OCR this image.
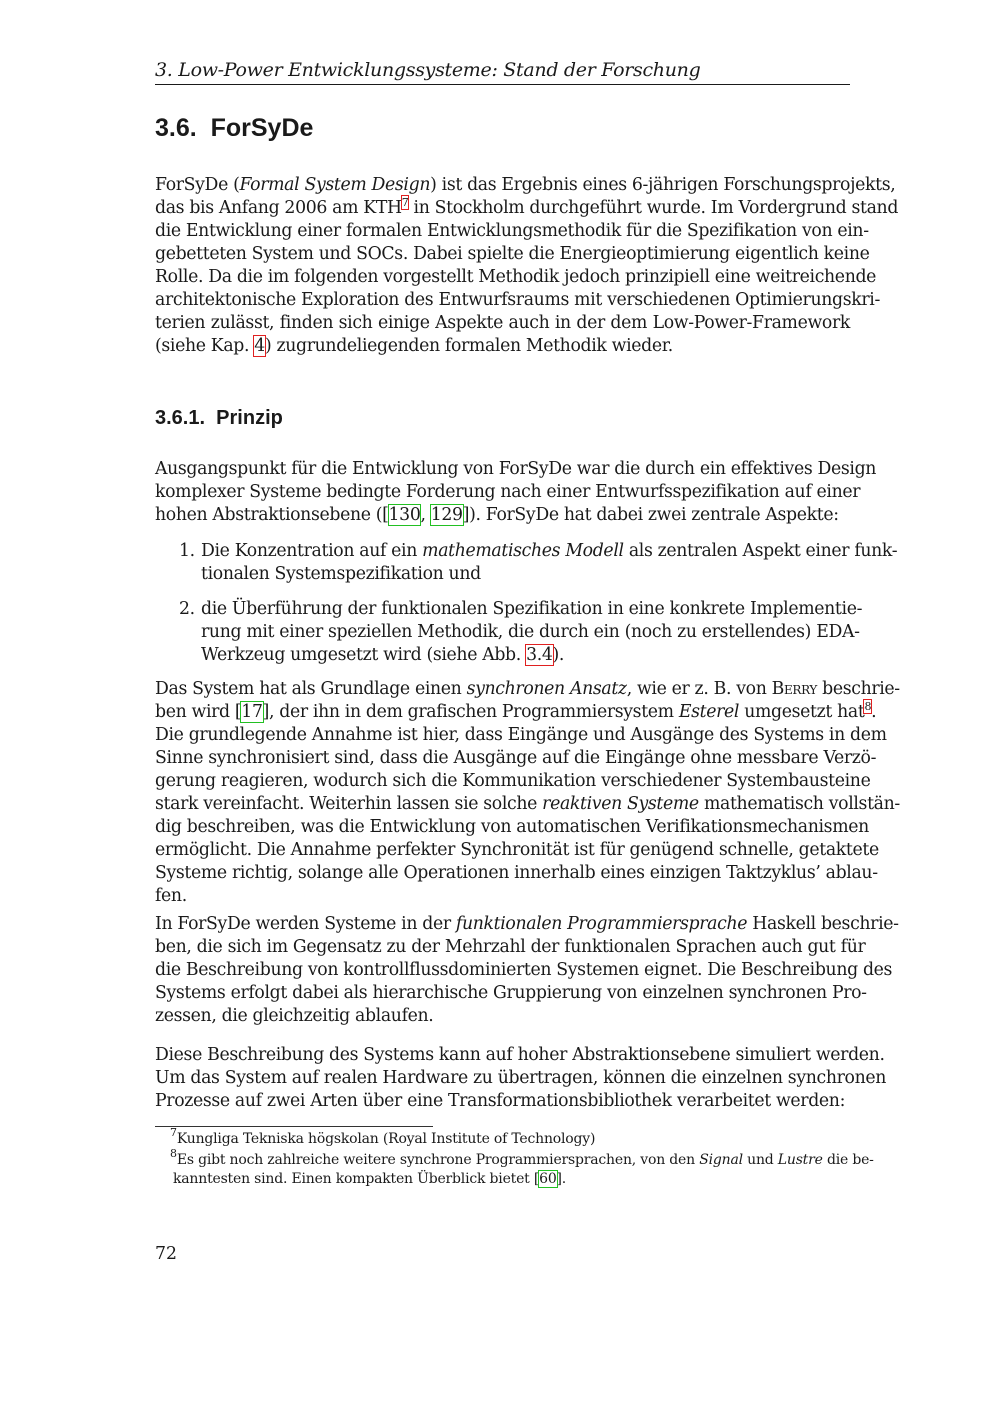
3. Low-Power Entwicklungssysteme: Stand der Forschung
3.6. ForSyDe
ForSyDe (Formal System Design) ist das Ergebnis eines 6-jährigen Forschungsprojekts,
das bis Anfang 2006 am KTH$^7$ in Stockholm durchgeführt wurde. Im Vordergrund stand
die Entwicklung einer formalen Entwicklungsmethodik für die Spezifikation von ein-
gebetteten System und SOCs. Dabei spielte die Energieoptimierung eigentlich keine
Rolle. Da die im folgenden vorgestellt Methodik jedoch prinzipiell eine weitreichende
architektonische Exploration des Entwurfsraums mit verschiedenen Optimierungskri-
terien zulässt, finden sich einige Aspekte auch in der dem Low-Power-Framework
(siehe Kap. 4) zugrundeliegenden formalen Methodik wieder.
3.6.1. Prinzip
Ausgangspunkt für die Entwicklung von ForSyDe war die durch ein effektives Design
komplexer Systeme bedingte Forderung nach einer Entwurfsspezifikation auf einer
hohen Abstraktionsebene ([130, 129]). ForSyDe hat dabei zwei zentrale Aspekte:
1. Die Konzentration auf ein mathematisches Modell als zentralen Aspekt einer funk-
tionalen Systemspezifikation und
2. die Überführung der funktionalen Spezifikation in eine konkrete Implementie-
rung mit einer speziellen Methodik, die durch ein (noch zu erstellendes) EDA-
Werkzeug umgesetzt wird (siehe Abb. 3.4).
Das System hat als Grundlage einen synchronen Ansatz, wie er z. B. von Berry beschrie-
ben wird [17], der ihn in dem grafischen Programmiersystem Esterel umgesetzt hat$^8$.
Die grundlegende Annahme ist hier, dass Eingänge und Ausgänge des Systems in dem
Sinne synchronisiert sind, dass die Ausgänge auf die Eingänge ohne messbare Verzö-
gerung reagieren, wodurch sich die Kommunikation verschiedener Systembausteine
stark vereinfacht. Weiterhin lassen sie solche reaktiven Systeme mathematisch vollstän-
dig beschreiben, was die Entwicklung von automatischen Verifikationsmechanismen
ermöglicht. Die Annahme perfekter Synchronität ist für genügend schnelle, getaktete
Systeme richtig, solange alle Operationen innerhalb eines einzigen Taktzyklus’ ablau-
fen.
In ForSyDe werden Systeme in der funktionalen Programmiersprache Haskell beschrie-
ben, die sich im Gegensatz zu der Mehrzahl der funktionalen Sprachen auch gut für
die Beschreibung von kontrollflussdominierten Systemen eignet. Die Beschreibung des
Systems erfolgt dabei als hierarchische Gruppierung von einzelnen synchronen Pro-
zessen, die gleichzeitig ablaufen.
Diese Beschreibung des Systems kann auf hoher Abstraktionsebene simuliert werden.
Um das System auf realen Hardware zu übertragen, können die einzelnen synchronen
Prozesse auf zwei Arten über eine Transformationsbibliothek verarbeitet werden:
$^7$Kungliga Tekniska högskolan (Royal Institute of Technology)
$^8$Es gibt noch zahlreiche weitere synchrone Programmiersprachen, von den Signal und Lustre die be-
kanntesten sind. Einen kompakten Überblick bietet [60].
72
